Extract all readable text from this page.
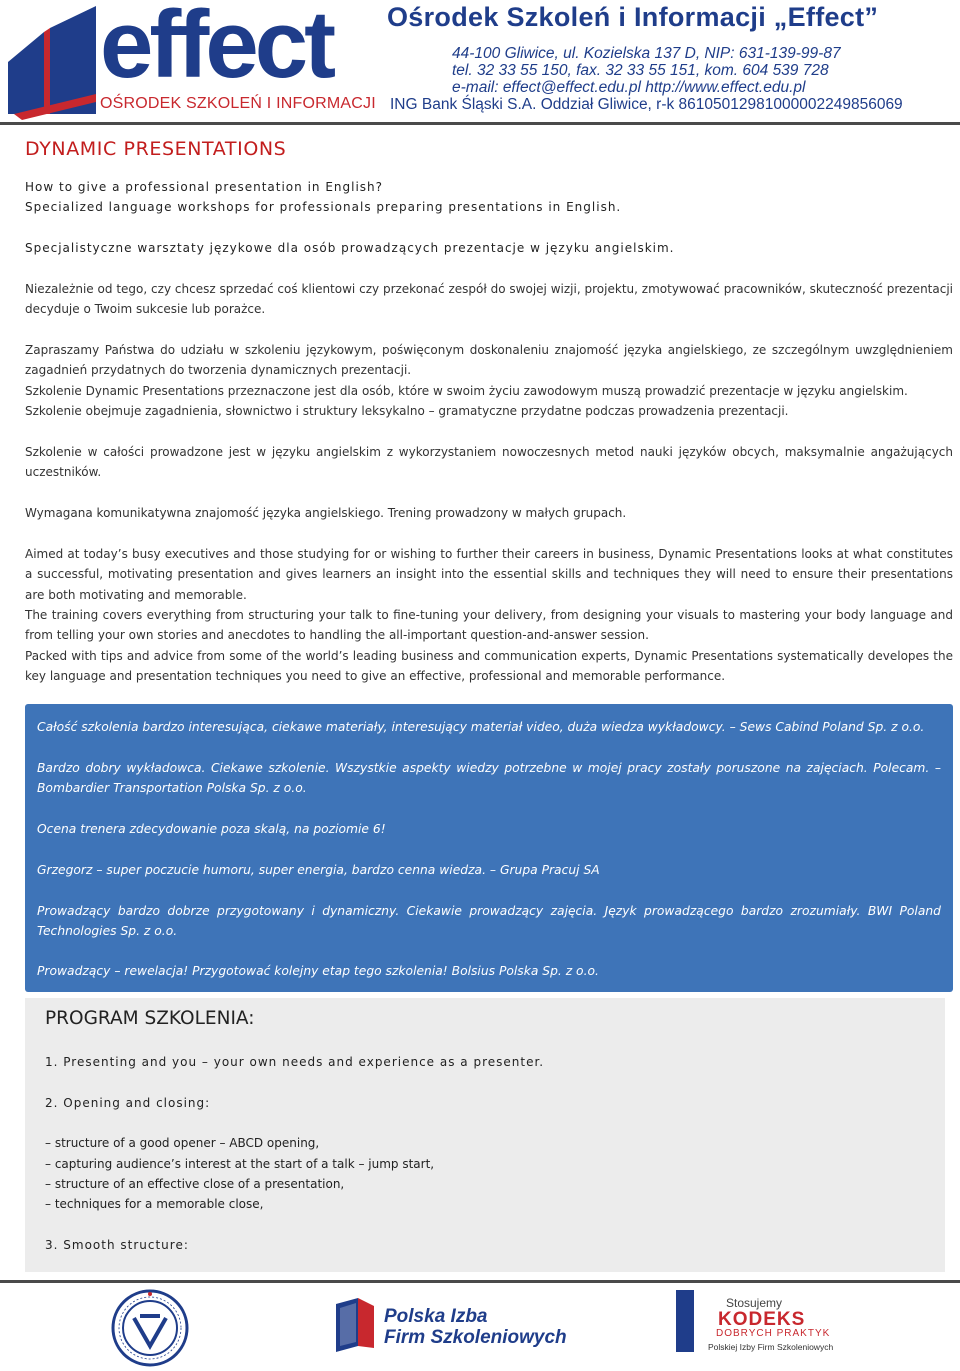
effect
OŚRODEK SZKOLEŃ I INFORMACJI
Ośrodek Szkoleń i Informacji „Effect”
44-100 Gliwice, ul. Kozielska 137 D, NIP: 631-139-99-87
tel. 32 33 55 150, fax. 32 33 55 151, kom. 604 539 728
e-mail: effect@effect.edu.pl http://www.effect.edu.pl
ING Bank Śląski S.A. Oddział Gliwice, r-k 86105012981000002249856069
DYNAMIC PRESENTATIONS

How to give a professional presentation in English?

Specialized language workshops for professionals preparing presentations in English.

Specjalistyczne warsztaty językowe dla osób prowadzących prezentacje w języku angielskim.

Niezależnie od tego, czy chcesz sprzedać coś klientowi czy przekonać zespół do swojej wizji, projektu, zmotywować pracowników, skuteczność prezentacji decyduje o Twoim sukcesie lub porażce.

Zapraszamy Państwa do udziału w szkoleniu językowym, poświęconym doskonaleniu znajomość języka angielskiego, ze szczególnym uwzględnieniem zagadnień przydatnych do tworzenia dynamicznych prezentacji.

Szkolenie Dynamic Presentations przeznaczone jest dla osób, które w swoim życiu zawodowym muszą prowadzić prezentacje w języku angielskim.

Szkolenie obejmuje zagadnienia, słownictwo i struktury leksykalno – gramatyczne przydatne podczas prowadzenia prezentacji.

Szkolenie w całości prowadzone jest w języku angielskim z wykorzystaniem nowoczesnych metod nauki języków obcych, maksymalnie angażujących uczestników.

Wymagana komunikatywna znajomość języka angielskiego. Trening prowadzony w małych grupach.

Aimed at today’s busy executives and those studying for or wishing to further their careers in business, Dynamic Presentations looks at what constitutes a successful, motivating presentation and gives learners an insight into the essential skills and techniques they will need to ensure their presentations are both motivating and memorable.

The training covers everything from structuring your talk to fine-tuning your delivery, from designing your visuals to mastering your body language and from telling your own stories and anecdotes to handling the all-important question-and-answer session.

Packed with tips and advice from some of the world’s leading business and communication experts, Dynamic Presentations systematically developes the key language and presentation techniques you need to give an effective, professional and memorable performance.

Całość szkolenia bardzo interesująca, ciekawe materiały, interesujący materiał video, duża wiedza wykładowcy. – Sews Cabind Poland Sp. z o.o.

Bardzo dobry wykładowca. Ciekawe szkolenie. Wszystkie aspekty wiedzy potrzebne w mojej pracy zostały poruszone na zajęciach. Polecam. – Bombardier Transportation Polska Sp. z o.o.

Ocena trenera zdecydowanie poza skalą, na poziomie 6!

Grzegorz – super poczucie humoru, super energia, bardzo cenna wiedza. – Grupa Pracuj SA

Prowadzący bardzo dobrze przygotowany i dynamiczny. Ciekawie prowadzący zajęcia. Język prowadzącego bardzo zrozumiały. BWI Poland Technologies Sp. z o.o.

Prowadzący – rewelacja! Przygotować kolejny etap tego szkolenia! Bolsius Polska Sp. z o.o.

PROGRAM SZKOLENIA:

1. Presenting and you – your own needs and experience as a presenter.

2. Opening and closing:

– structure of a good opener – ABCD opening,

– capturing audience’s interest at the start of a talk – jump start,

– structure of an effective close of a presentation,

– techniques for a memorable close,

3. Smooth structure:

Polska Izba
Firm Szkoleniowych
Stosujemy
KODEKS
DOBRYCH PRAKTYK
Polskiej Izby Firm Szkoleniowych
